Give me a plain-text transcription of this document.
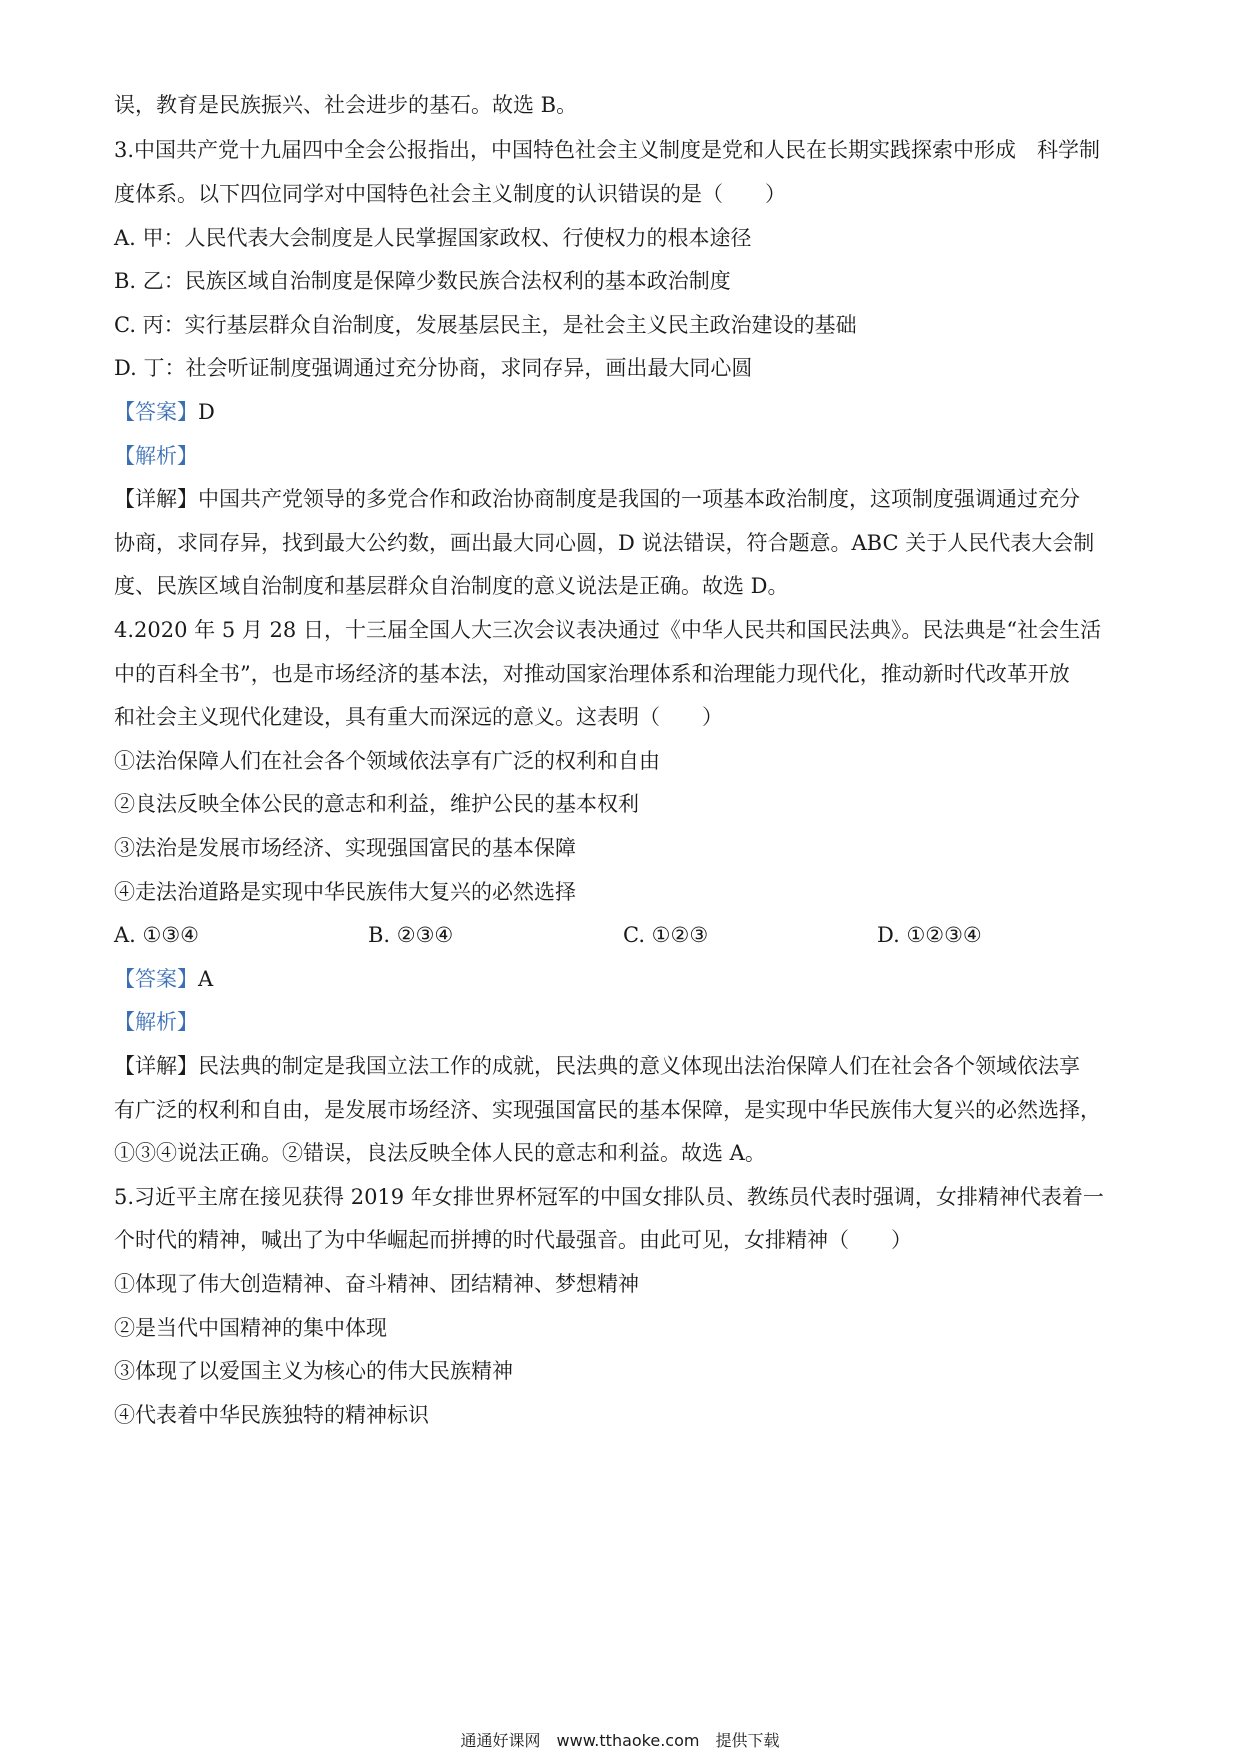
误，教育是民族振兴、社会进步的基石。故选 B。
3.中国共产党十九届四中全会公报指出，中国特色社会主义制度是党和人民在长期实践探索中形成　科学制
度体系。以下四位同学对中国特色社会主义制度的认识错误的是（　　）
A. 甲：人民代表大会制度是人民掌握国家政权、行使权力的根本途径
B. 乙：民族区域自治制度是保障少数民族合法权利的基本政治制度
C. 丙：实行基层群众自治制度，发展基层民主，是社会主义民主政治建设的基础
D. 丁：社会听证制度强调通过充分协商，求同存异，画出最大同心圆
【答案】D
【解析】
【详解】中国共产党领导的多党合作和政治协商制度是我国的一项基本政治制度，这项制度强调通过充分
协商，求同存异，找到最大公约数，画出最大同心圆，D 说法错误，符合题意。ABC 关于人民代表大会制
度、民族区域自治制度和基层群众自治制度的意义说法是正确。故选 D。
4.2020 年 5 月 28 日，十三届全国人大三次会议表决通过《中华人民共和国民法典》。民法典是“社会生活
中的百科全书”，也是市场经济的基本法，对推动国家治理体系和治理能力现代化，推动新时代改革开放
和社会主义现代化建设，具有重大而深远的意义。这表明（　　）
①法治保障人们在社会各个领域依法享有广泛的权利和自由
②良法反映全体公民的意志和利益，维护公民的基本权利
③法治是发展市场经济、实现强国富民的基本保障
④走法治道路是实现中华民族伟大复兴的必然选择
A. ①③④	B. ②③④	C. ①②③	D. ①②③④
【答案】A
【解析】
【详解】民法典的制定是我国立法工作的成就，民法典的意义体现出法治保障人们在社会各个领域依法享
有广泛的权利和自由，是发展市场经济、实现强国富民的基本保障，是实现中华民族伟大复兴的必然选择，
①③④说法正确。②错误，良法反映全体人民的意志和利益。故选 A。
5.习近平主席在接见获得 2019 年女排世界杯冠军的中国女排队员、教练员代表时强调，女排精神代表着一
个时代的精神，喊出了为中华崛起而拼搏的时代最强音。由此可见，女排精神（　　）
①体现了伟大创造精神、奋斗精神、团结精神、梦想精神
②是当代中国精神的集中体现
③体现了以爱国主义为核心的伟大民族精神
④代表着中华民族独特的精神标识
通通好课网　www.tthaoke.com　提供下载
